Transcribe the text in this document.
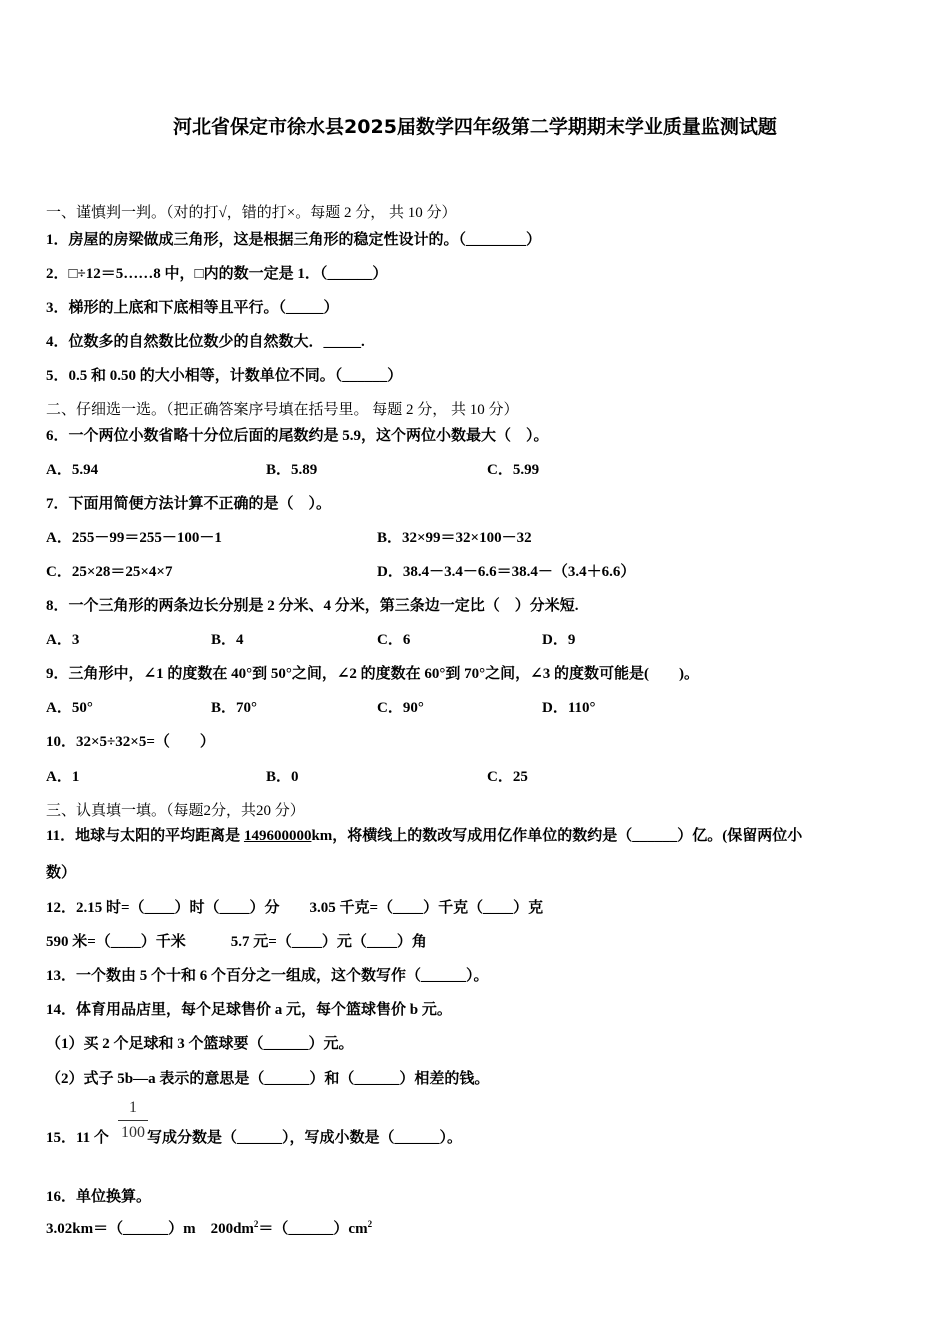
河北省保定市徐水县2025届数学四年级第二学期期末学业质量监测试题
一、谨慎判一判。（对的打√，错的打×。每题 2 分， 共 10 分）
1．房屋的房梁做成三角形，这是根据三角形的稳定性设计的。（________）
2．□÷12＝5……8 中，□内的数一定是 1．（______）
3．梯形的上底和下底相等且平行。（_____）
4．位数多的自然数比位数少的自然数大．_____.
5．0.5 和 0.50 的大小相等，计数单位不同。（______）
二、仔细选一选。（把正确答案序号填在括号里。 每题 2 分， 共 10 分）
6．一个两位小数省略十分位后面的尾数约是 5.9，这个两位小数最大（　）。
A．5.94	B．5.89	C．5.99
7．下面用简便方法计算不正确的是（　）。
A．255－99＝255－100－1	B．32×99＝32×100－32
C．25×28＝25×4×7	D．38.4－3.4－6.6＝38.4－（3.4＋6.6）
8．一个三角形的两条边长分别是 2 分米、4 分米，第三条边一定比（　）分米短.
A．3	B．4	C．6	D．9
9．三角形中，∠1 的度数在 40°到 50°之间，∠2 的度数在 60°到 70°之间，∠3 的度数可能是(　　)。
A．50°	B．70°	C．90°	D．110°
10．32×5÷32×5=（　　）
A．1	B．0	C．25
三、认真填一填。（每题2分，共20 分）
11．地球与太阳的平均距离是 149600000km，将横线上的数改写成用亿作单位的数约是（______）亿。(保留两位小
数）
12．2.15 时=（____）时（____）分　　3.05 千克=（____）千克（____）克
590 米=（____）千米　　　5.7 元=（____）元（____）角
13．一个数由 5 个十和 6 个百分之一组成，这个数写作（______）。
14．体育用品店里，每个足球售价 a 元，每个篮球售价 b 元。
（1）买 2 个足球和 3 个篮球要（______）元。
（2）式子 5b—a 表示的意思是（______）和（______）相差的钱。
1
100
15．11 个	写成分数是（______），写成小数是（______）。
16．单位换算。
3.02km＝（______）m　$200dm^2=(\_\_\_\_\_\_)cm^2$
